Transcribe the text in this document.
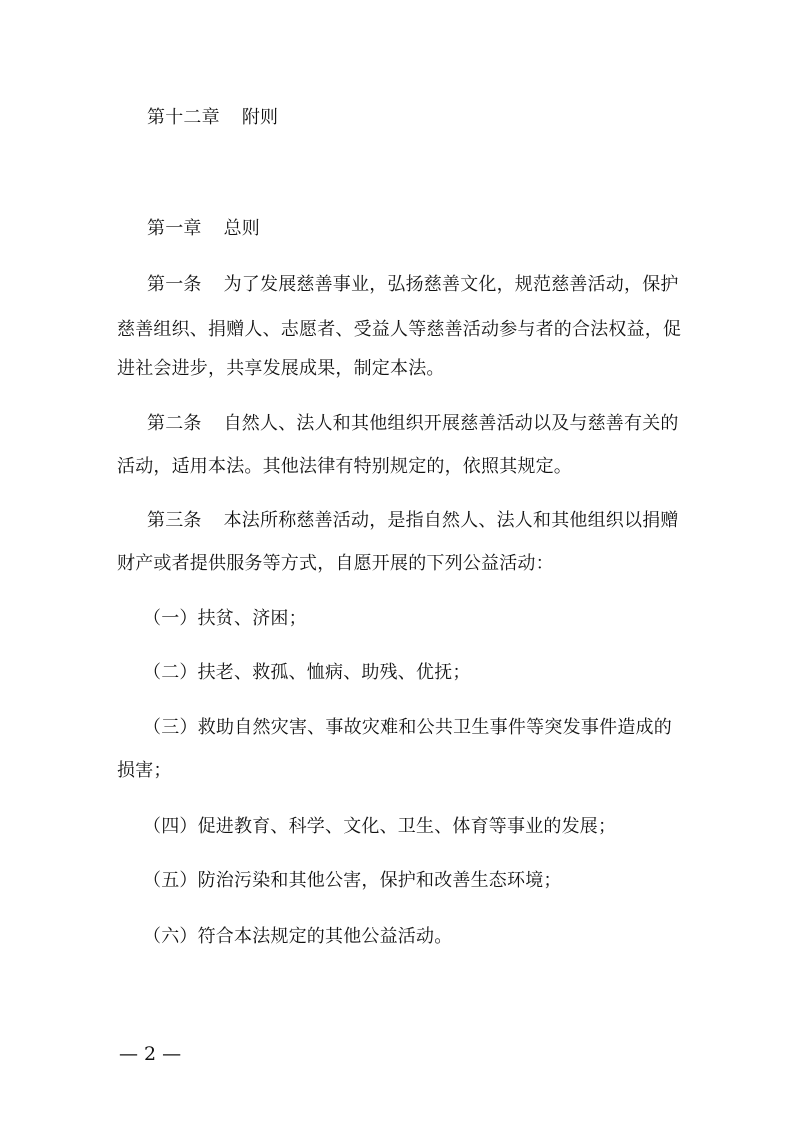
第十二章 附则
第一章 总则
第一条 为了发展慈善事业，弘扬慈善文化，规范慈善活动，保护
慈善组织、捐赠人、志愿者、受益人等慈善活动参与者的合法权益，促
进社会进步，共享发展成果，制定本法。
第二条 自然人、法人和其他组织开展慈善活动以及与慈善有关的
活动，适用本法。其他法律有特别规定的，依照其规定。
第三条 本法所称慈善活动，是指自然人、法人和其他组织以捐赠
财产或者提供服务等方式，自愿开展的下列公益活动：
（一）扶贫、济困；
（二）扶老、救孤、恤病、助残、优抚；
（三）救助自然灾害、事故灾难和公共卫生事件等突发事件造成的
损害；
（四）促进教育、科学、文化、卫生、体育等事业的发展；
（五）防治污染和其他公害，保护和改善生态环境；
（六）符合本法规定的其他公益活动。
— 2 —
